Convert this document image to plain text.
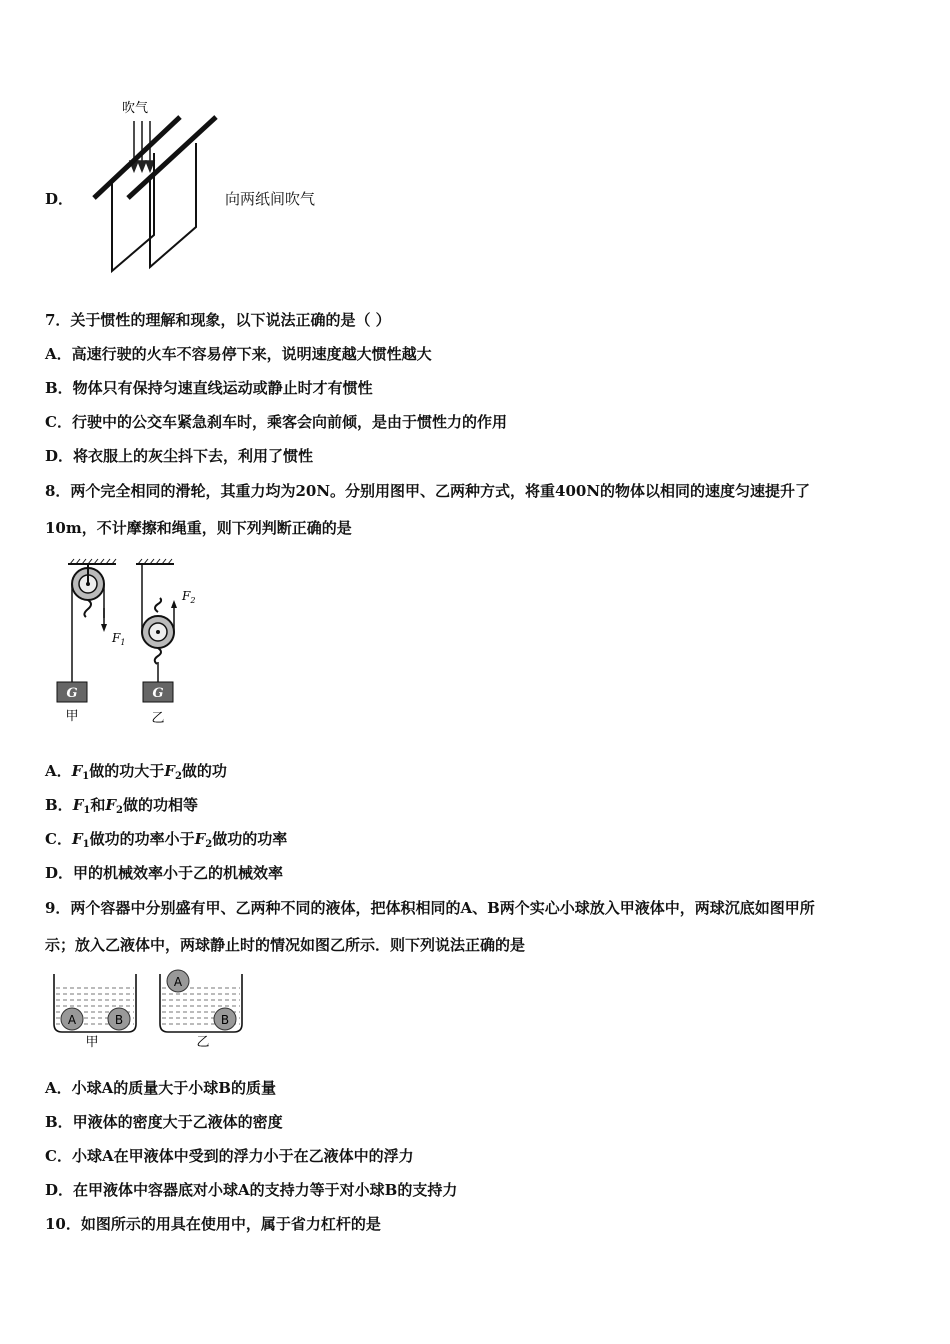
D．
吹气
向两纸间吹气
7．关于惯性的理解和现象，以下说法正确的是（ ）
A．高速行驶的火车不容易停下来，说明速度越大惯性越大
B．物体只有保持匀速直线运动或静止时才有惯性
C．行驶中的公交车紧急刹车时，乘客会向前倾，是由于惯性力的作用
D．将衣服上的灰尘抖下去，利用了惯性
8．两个完全相同的滑轮，其重力均为20N。分别用图甲、乙两种方式，将重400N的物体以相同的速度匀速提升了
10m，不计摩擦和绳重，则下列判断正确的是
$F_1$
G
甲
$F_2$
G
乙
A．$F_1$做的功大于$F_2$做的功
B．$F_1$和$F_2$做的功相等
C．$F_1$做功的功率小于$F_2$做功的功率
D．甲的机械效率小于乙的机械效率
9．两个容器中分别盛有甲、乙两种不同的液体，把体积相同的A、B两个实心小球放入甲液体中，两球沉底如图甲所
示；放入乙液体中，两球静止时的情况如图乙所示．则下列说法正确的是
A	B
甲
A
B
乙
A．小球A的质量大于小球B的质量
B．甲液体的密度大于乙液体的密度
C．小球A在甲液体中受到的浮力小于在乙液体中的浮力
D．在甲液体中容器底对小球A的支持力等于对小球B的支持力
10．如图所示的用具在使用中，属于省力杠杆的是
